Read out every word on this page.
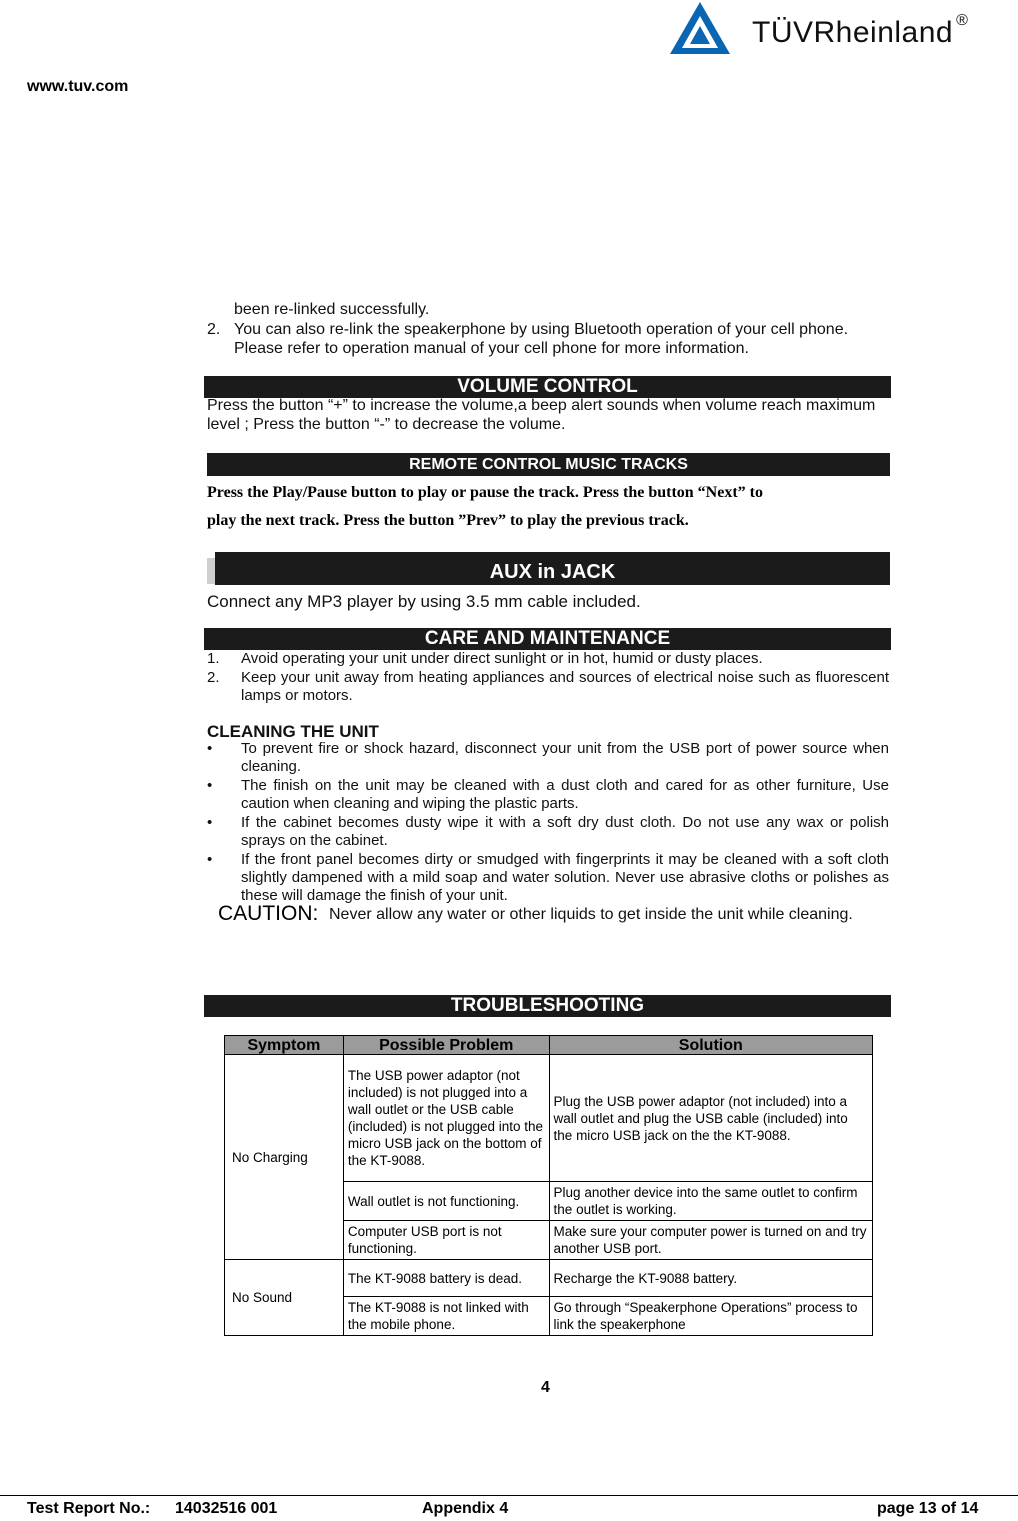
www.tuv.com
TÜVRheinland ®
been re-linked successfully.
2. You can also re-link the speakerphone by using Bluetooth operation of your cell phone. Please refer to operation manual of your cell phone for more information.
VOLUME CONTROL
Press the button “+” to increase the volume,a beep alert sounds when volume reach maximum level ; Press the button “-” to decrease the volume.
REMOTE CONTROL MUSIC TRACKS
Press the Play/Pause button to play or pause the track. Press the button “Next” to
play the next track. Press the button ”Prev” to play the previous track.
AUX in JACK
Connect any MP3 player by using 3.5 mm cable included.
CARE AND MAINTENANCE
1. Avoid operating your unit under direct sunlight or in hot, humid or dusty places.
2. Keep your unit away from heating appliances and sources of electrical noise such as fluorescent lamps or motors.
CLEANING THE UNIT
• To prevent fire or shock hazard, disconnect your unit from the USB port of power source when cleaning.
• The finish on the unit may be cleaned with a dust cloth and cared for as other furniture, Use caution when cleaning and wiping the plastic parts.
• If the cabinet becomes dusty wipe it with a soft dry dust cloth. Do not use any wax or polish sprays on the cabinet.
• If the front panel becomes dirty or smudged with fingerprints it may be cleaned with a soft cloth slightly dampened with a mild soap and water solution. Never use abrasive cloths or polishes as these will damage the finish of your unit.
CAUTION: Never allow any water or other liquids to get inside the unit while cleaning.
TROUBLESHOOTING
Symptom	Possible Problem	Solution
No Charging	The USB power adaptor (not included) is not plugged into a wall outlet or the USB cable (included) is not plugged into the micro USB jack on the bottom of the KT-9088.	Plug the USB power adaptor (not included) into a wall outlet and plug the USB cable (included) into the micro USB jack on the the KT-9088.
	Wall outlet is not functioning.	Plug another device into the same outlet to confirm the outlet is working.
	Computer USB port is not functioning.	Make sure your computer power is turned on and try another USB port.
No Sound	The KT-9088 battery is dead.	Recharge the KT-9088 battery.
	The KT-9088 is not linked with the mobile phone.	Go through “Speakerphone Operations” process to link the speakerphone
4
Test Report No.: 14032516 001	Appendix 4	page 13 of 14
